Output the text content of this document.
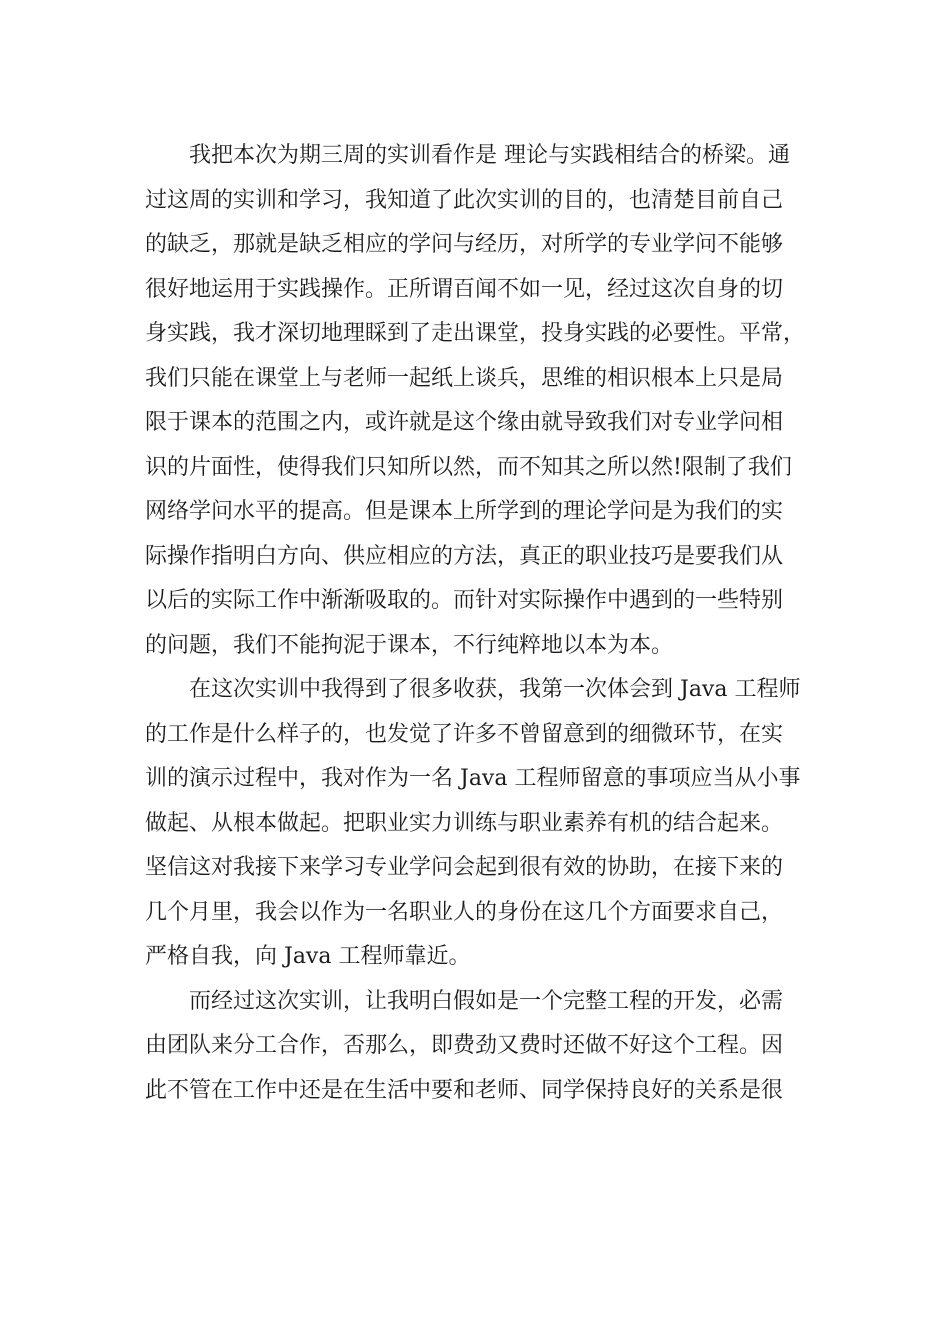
我把本次为期三周的实训看作是 理论与实践相结合的桥梁。通
过这周的实训和学习，我知道了此次实训的目的，也清楚目前自己
的缺乏，那就是缺乏相应的学问与经历，对所学的专业学问不能够
很好地运用于实践操作。正所谓百闻不如一见，经过这次自身的切
身实践，我才深切地理睬到了走出课堂，投身实践的必要性。平常，
我们只能在课堂上与老师一起纸上谈兵，思维的相识根本上只是局
限于课本的范围之内，或许就是这个缘由就导致我们对专业学问相
识的片面性，使得我们只知所以然，而不知其之所以然!限制了我们
网络学问水平的提高。但是课本上所学到的理论学问是为我们的实
际操作指明白方向、供应相应的方法，真正的职业技巧是要我们从
以后的实际工作中渐渐吸取的。而针对实际操作中遇到的一些特别
的问题，我们不能拘泥于课本，不行纯粹地以本为本。
在这次实训中我得到了很多收获，我第一次体会到 Java 工程师
的工作是什么样子的，也发觉了许多不曾留意到的细微环节，在实
训的演示过程中，我对作为一名 Java 工程师留意的事项应当从小事
做起、从根本做起。把职业实力训练与职业素养有机的结合起来。
坚信这对我接下来学习专业学问会起到很有效的协助，在接下来的
几个月里，我会以作为一名职业人的身份在这几个方面要求自己，
严格自我，向 Java 工程师靠近。
而经过这次实训，让我明白假如是一个完整工程的开发，必需
由团队来分工合作，否那么，即费劲又费时还做不好这个工程。因
此不管在工作中还是在生活中要和老师、同学保持良好的关系是很
